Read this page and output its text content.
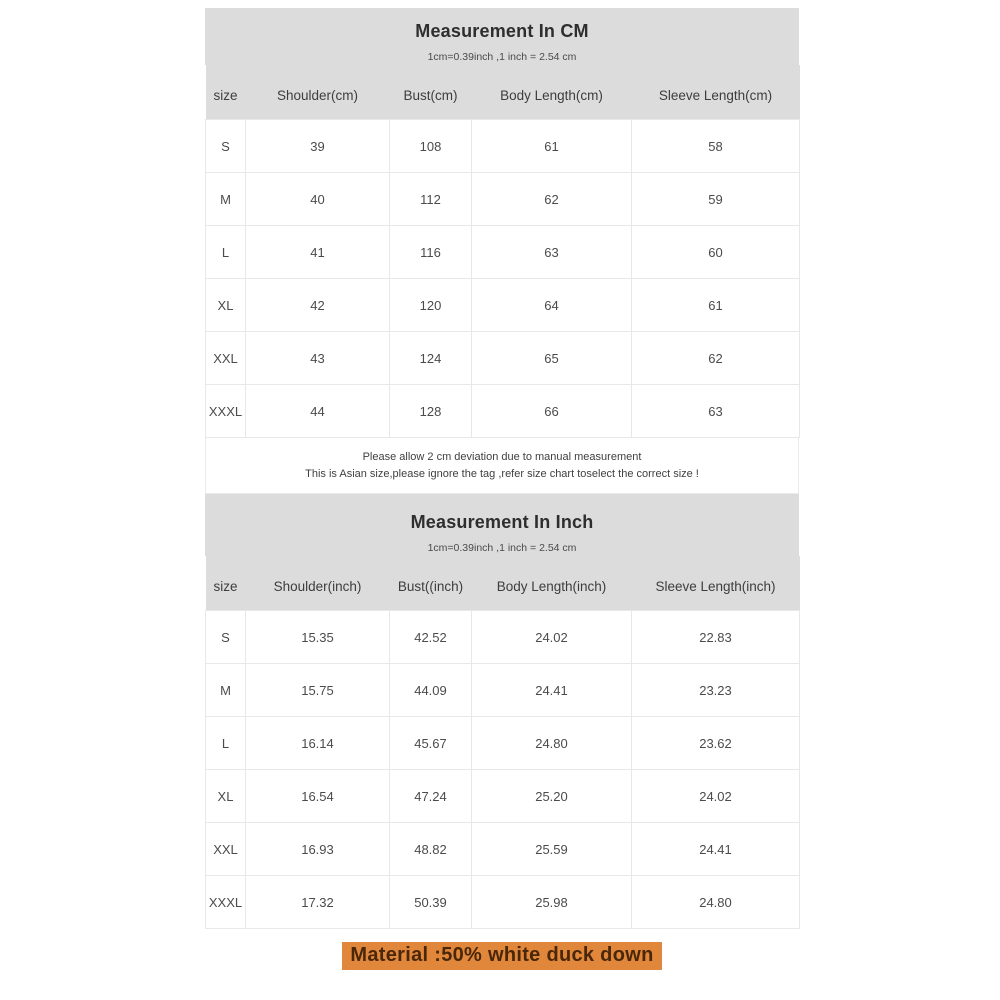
Measurement In CM
1cm=0.39inch ,1 inch = 2.54 cm
size	Shoulder(cm)	Bust(cm)	Body Length(cm)	Sleeve Length(cm)
S	39	108	61	58
M	40	112	62	59
L	41	116	63	60
XL	42	120	64	61
XXL	43	124	65	62
XXXL	44	128	66	63
Please allow 2 cm deviation due to manual measurement
This is Asian size,please ignore the tag ,refer size chart toselect the correct size !
Measurement In Inch
1cm=0.39inch ,1 inch = 2.54 cm
size	Shoulder(inch)	Bust((inch)	Body Length(inch)	Sleeve Length(inch)
S	15.35	42.52	24.02	22.83
M	15.75	44.09	24.41	23.23
L	16.14	45.67	24.80	23.62
XL	16.54	47.24	25.20	24.02
XXL	16.93	48.82	25.59	24.41
XXXL	17.32	50.39	25.98	24.80
Material :50% white duck down
